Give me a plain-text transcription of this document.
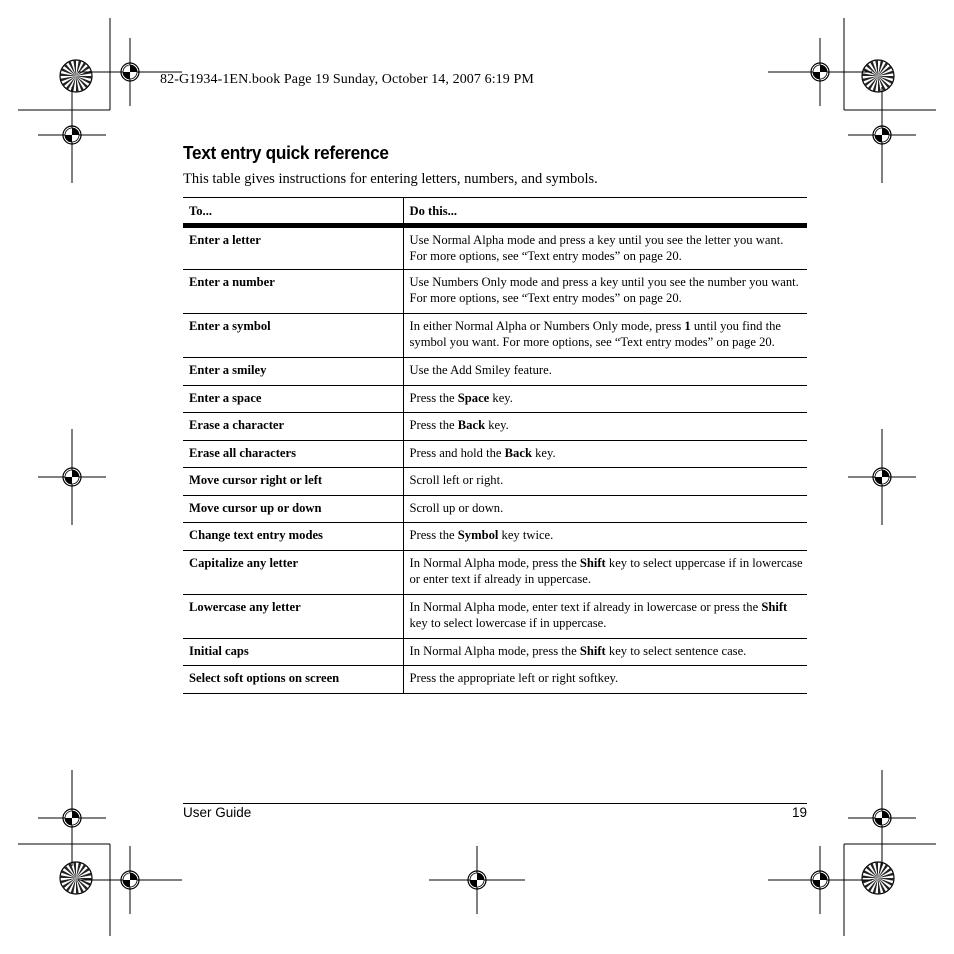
82-G1934-1EN.book Page 19 Sunday, October 14, 2007 6:19 PM
Text entry quick reference

This table gives instructions for entering letters, numbers, and symbols.

To...	Do this...
Enter a letter	Use Normal Alpha mode and press a key until you see the letter you want. For more options, see “Text entry modes” on page 20.
Enter a number	Use Numbers Only mode and press a key until you see the number you want. For more options, see “Text entry modes” on page 20.
Enter a symbol	In either Normal Alpha or Numbers Only mode, press 1 until you find the symbol you want. For more options, see “Text entry modes” on page 20.
Enter a smiley	Use the Add Smiley feature.
Enter a space	Press the Space key.
Erase a character	Press the Back key.
Erase all characters	Press and hold the Back key.
Move cursor right or left	Scroll left or right.
Move cursor up or down	Scroll up or down.
Change text entry modes	Press the Symbol key twice.
Capitalize any letter	In Normal Alpha mode, press the Shift key to select uppercase if in lowercase or enter text if already in uppercase.
Lowercase any letter	In Normal Alpha mode, enter text if already in lowercase or press the Shift key to select lowercase if in uppercase.
Initial caps	In Normal Alpha mode, press the Shift key to select sentence case.
Select soft options on screen	Press the appropriate left or right softkey.
User Guide	19
